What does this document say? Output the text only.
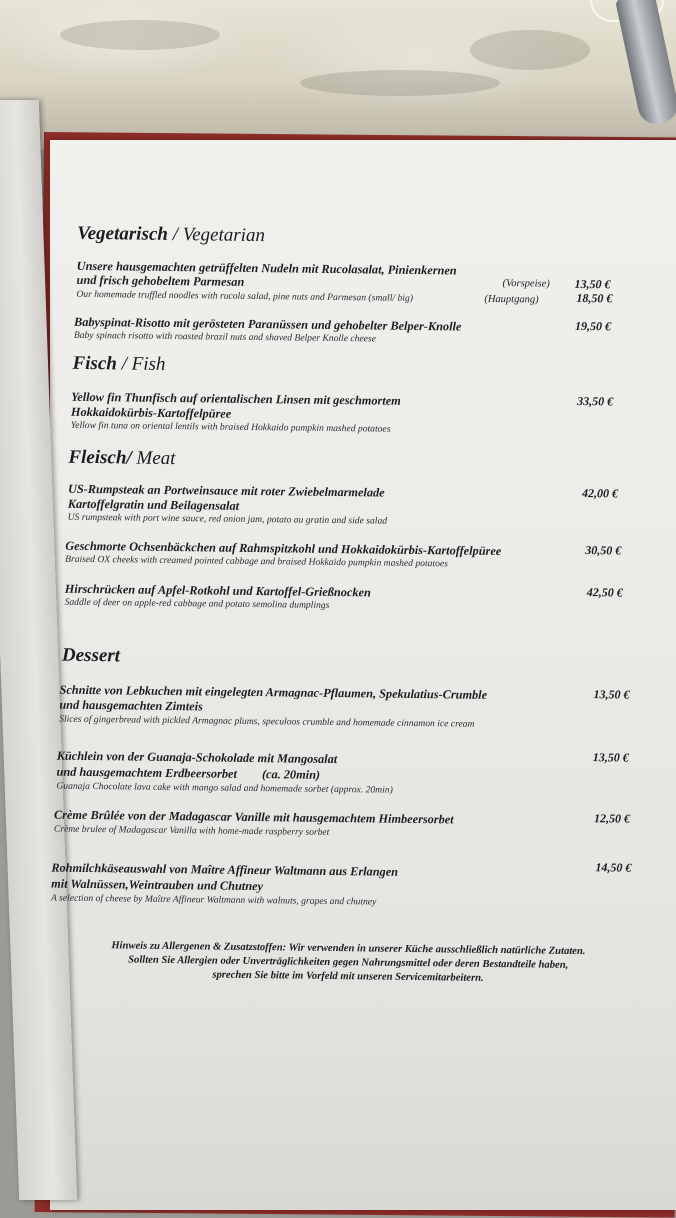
Vegetarisch / Vegetarian
Unsere hausgemachten getrüffelten Nudeln mit Rucolasalat, Pinienkernen
und frisch gehobeltem Parmesan
Our homemade truffled noodles with rucola salad, pine nuts and Parmesan (small/ big)
(Vorspeise)
(Hauptgang)
13,50 €
18,50 €
Babyspinat-Risotto mit gerösteten Paranüssen und gehobelter Belper-Knolle
Baby spinach risotto with roasted brazil nuts and shaved Belper Knolle cheese
19,50 €
Fisch / Fish
Yellow fin Thunfisch auf orientalischen Linsen mit geschmortem
Hokkaidokürbis-Kartoffelpüree
Yellow fin tuna on oriental lentils with braised Hokkaido pumpkin mashed potatoes
33,50 €
Fleisch/ Meat
US-Rumpsteak an Portweinsauce mit roter Zwiebelmarmelade
Kartoffelgratin und Beilagensalat
US rumpsteak with port wine sauce, red onion jam, potato au gratin and side salad
42,00 €
Geschmorte Ochsenbäckchen auf Rahmspitzkohl und Hokkaidokürbis-Kartoffelpüree
Braised OX cheeks with creamed pointed cabbage and braised Hokkaido pumpkin mashed potatoes
30,50 €
Hirschrücken auf Apfel-Rotkohl und Kartoffel-Grießnocken
Saddle of deer on apple-red cabbage and potato semolina dumplings
42,50 €
Dessert
Schnitte von Lebkuchen mit eingelegten Armagnac-Pflaumen, Spekulatius-Crumble
und hausgemachten Zimteis
Slices of gingerbread with pickled Armagnac plums, speculoos crumble and homemade cinnamon ice cream
13,50 €
Küchlein von der Guanaja-Schokolade mit Mangosalat
und hausgemachtem Erdbeersorbet (ca. 20min)
Guanaja Chocolate lava cake with mango salad and homemade sorbet (approx. 20min)
13,50 €
Crème Brûlée von der Madagascar Vanille mit hausgemachtem Himbeersorbet
Crème brulee of Madagascar Vanilla with home-made raspberry sorbet
12,50 €
Rohmilchkäseauswahl von Maître Affineur Waltmann aus Erlangen
mit Walnüssen,Weintrauben und Chutney
A selection of cheese by Maître Affineur Waltmann with walnuts, grapes and chutney
14,50 €
Hinweis zu Allergenen & Zusatzstoffen: Wir verwenden in unserer Küche ausschließlich natürliche Zutaten.
Sollten Sie Allergien oder Unverträglichkeiten gegen Nahrungsmittel oder deren Bestandteile haben,
sprechen Sie bitte im Vorfeld mit unseren Servicemitarbeitern.
